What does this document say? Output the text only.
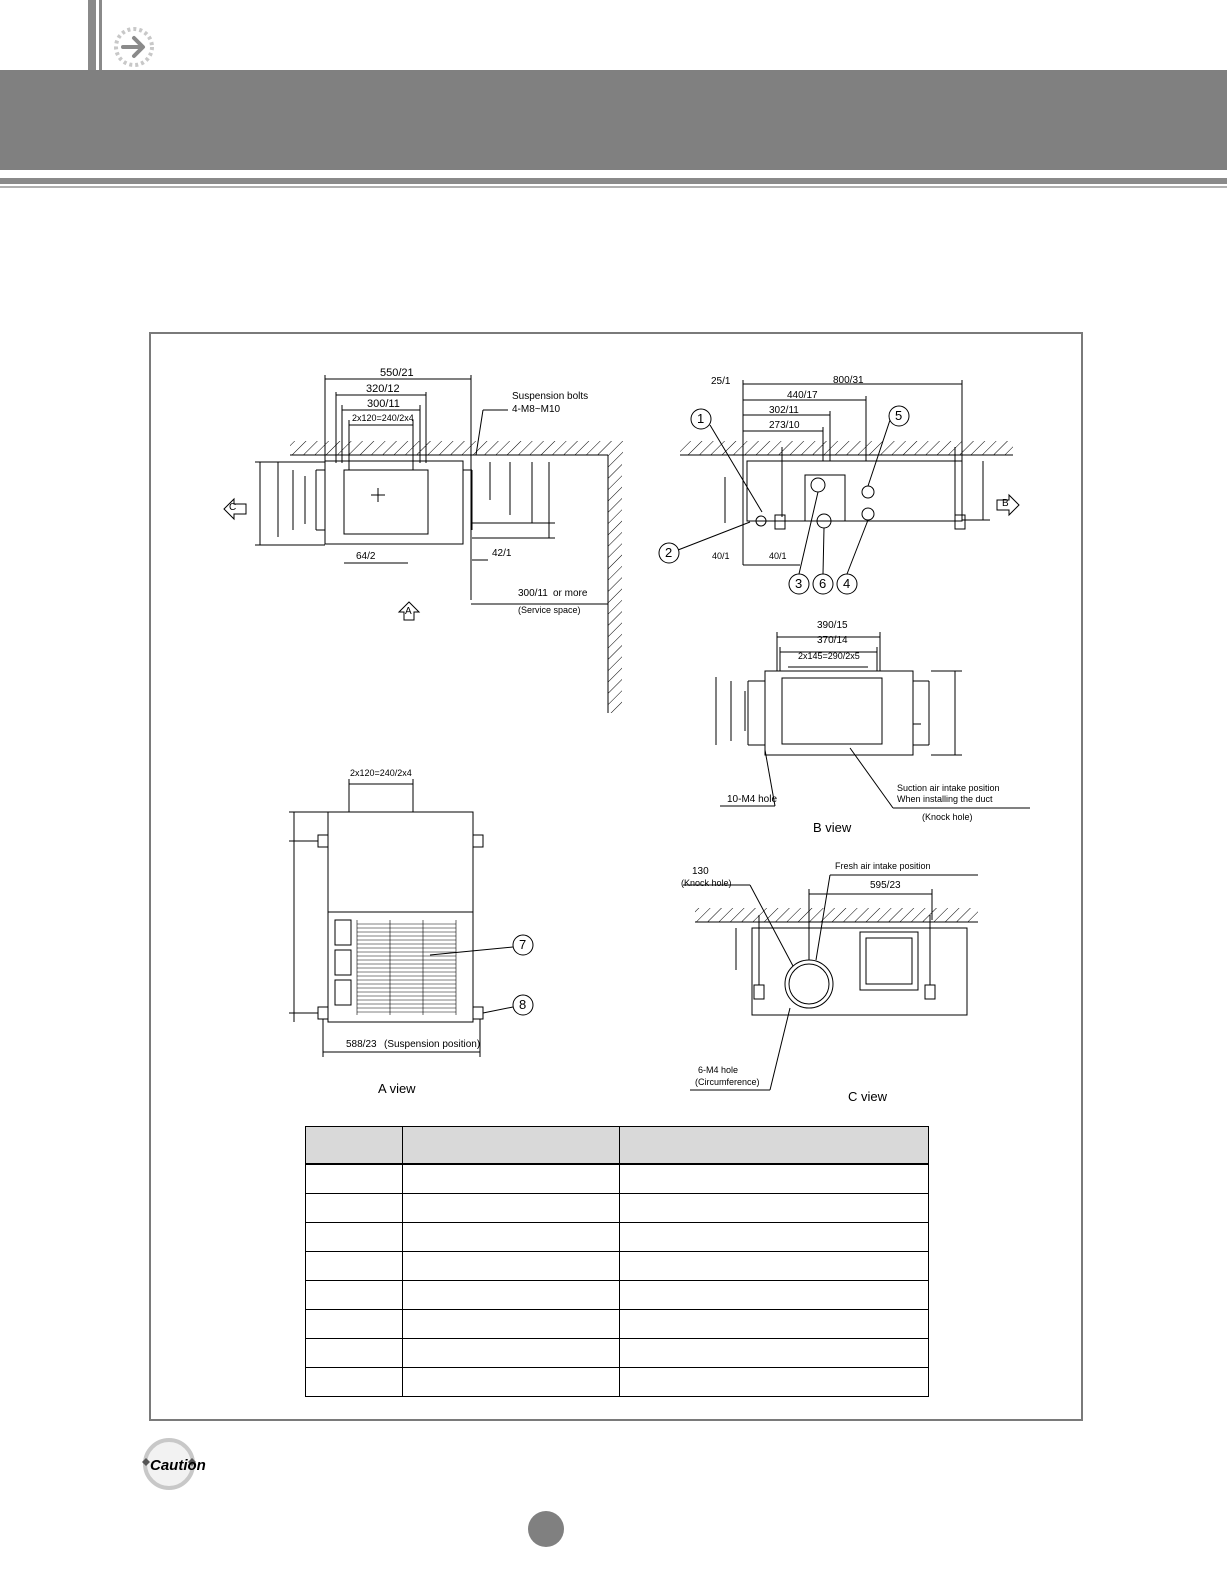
550/21
320/12
300/11
2x120=240/2x4
Suspension bolts
4-M8~M10
64/2	42/1
300/11 or more
(Service space)
C
A
25/1	800/31
440/17
302/11
273/10
40/1	40/1
B
1
2
3	4
5
6
390/15
370/14
2x145=290/2x5
10-M4 hole
Suction air intake position
When installing the duct
(Knock hole)
B view
2x120=240/2x4
588/23 (Suspension position)
7
8
A view
130
(Knock hole)
Fresh air intake position
595/23
6-M4 hole
(Circumference)
C view

Caution
